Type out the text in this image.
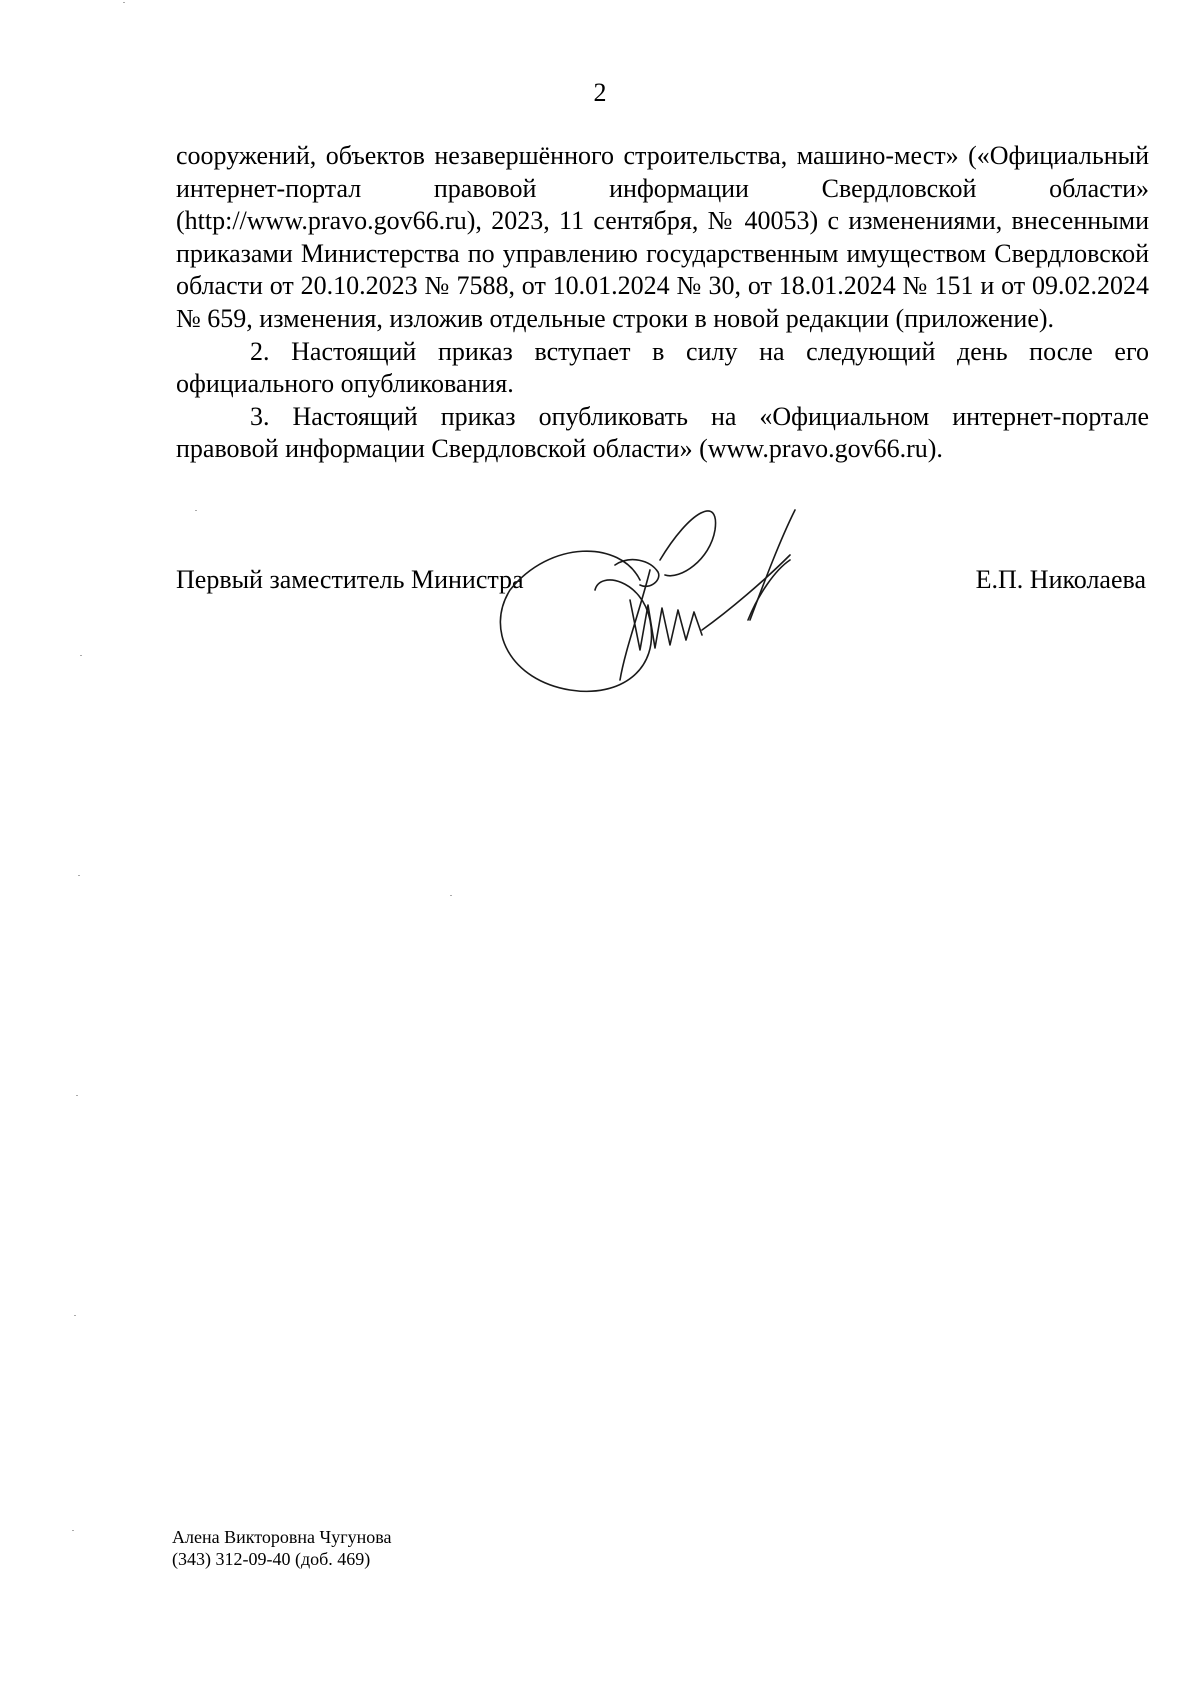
2

сооружений, объектов незавершённого строительства, машино-мест» («Официальный интернет-портал правовой информации Свердловской области» (http://www.pravo.gov66.ru), 2023, 11 сентября, № 40053) с изменениями, внесенными приказами Министерства по управлению государственным имуществом Свердловской области от 20.10.2023 № 7588, от 10.01.2024 № 30, от 18.01.2024 № 151 и от 09.02.2024 № 659, изменения, изложив отдельные строки в новой редакции (приложение).

2. Настоящий приказ вступает в силу на следующий день после его официального опубликования.

3. Настоящий приказ опубликовать на «Официальном интернет-портале правовой информации Свердловской области» (www.pravo.gov66.ru).

Первый заместитель Министра	Е.П. Николаева
Алена Викторовна Чугунова
(343) 312-09-40 (доб. 469)
